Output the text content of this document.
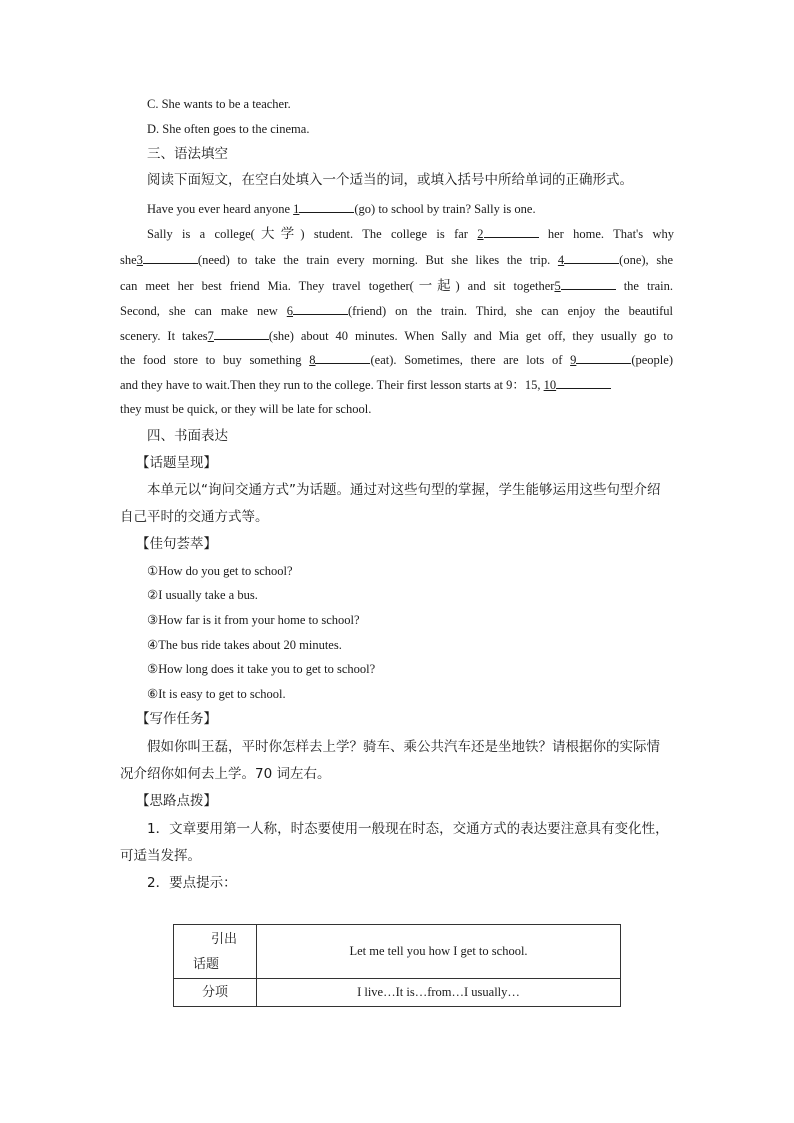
C. She wants to be a teacher.
D. She often goes to the cinema.
三、语法填空
阅读下面短文，在空白处填入一个适当的词，或填入括号中所给单词的正确形式。
Have you ever heard anyone 1	(go) to school by train? Sally is one.
Sally is a college(大学) student. The college is far 2	her home. That's why
she3	(need) to take the train every morning. But she likes the trip. 4	(one), she
can meet her best friend Mia. They travel together(一起) and sit together5	the train.
Second, she can make new 6	(friend) on the train. Third, she can enjoy the beautiful
scenery. It takes7	(she) about 40 minutes. When Sally and Mia get off, they usually go to
the food store to buy something 8	(eat). Sometimes, there are lots of 9	(people)
and they have to wait.Then they run to the college. Their first lesson starts at 9：15, 10
they must be quick, or they will be late for school.
四、书面表达
【话题呈现】
本单元以“询问交通方式”为话题。通过对这些句型的掌握，学生能够运用这些句型介绍
自己平时的交通方式等。
【佳句荟萃】
①How do you get to school?
②I usually take a bus.
③How far is it from your home to school?
④The bus ride takes about 20 minutes.
⑤How long does it take you to get to school?
⑥It is easy to get to school.
【写作任务】
假如你叫王磊，平时你怎样去上学？骑车、乘公共汽车还是坐地铁？请根据你的实际情
况介绍你如何去上学。70 词左右。
【思路点拨】
1．文章要用第一人称，时态要使用一般现在时态，交通方式的表达要注意具有变化性，
可适当发挥。
2．要点提示：
引出
话题	Let me tell you how I get to school.

分项	I live…It is…from…I usually…
